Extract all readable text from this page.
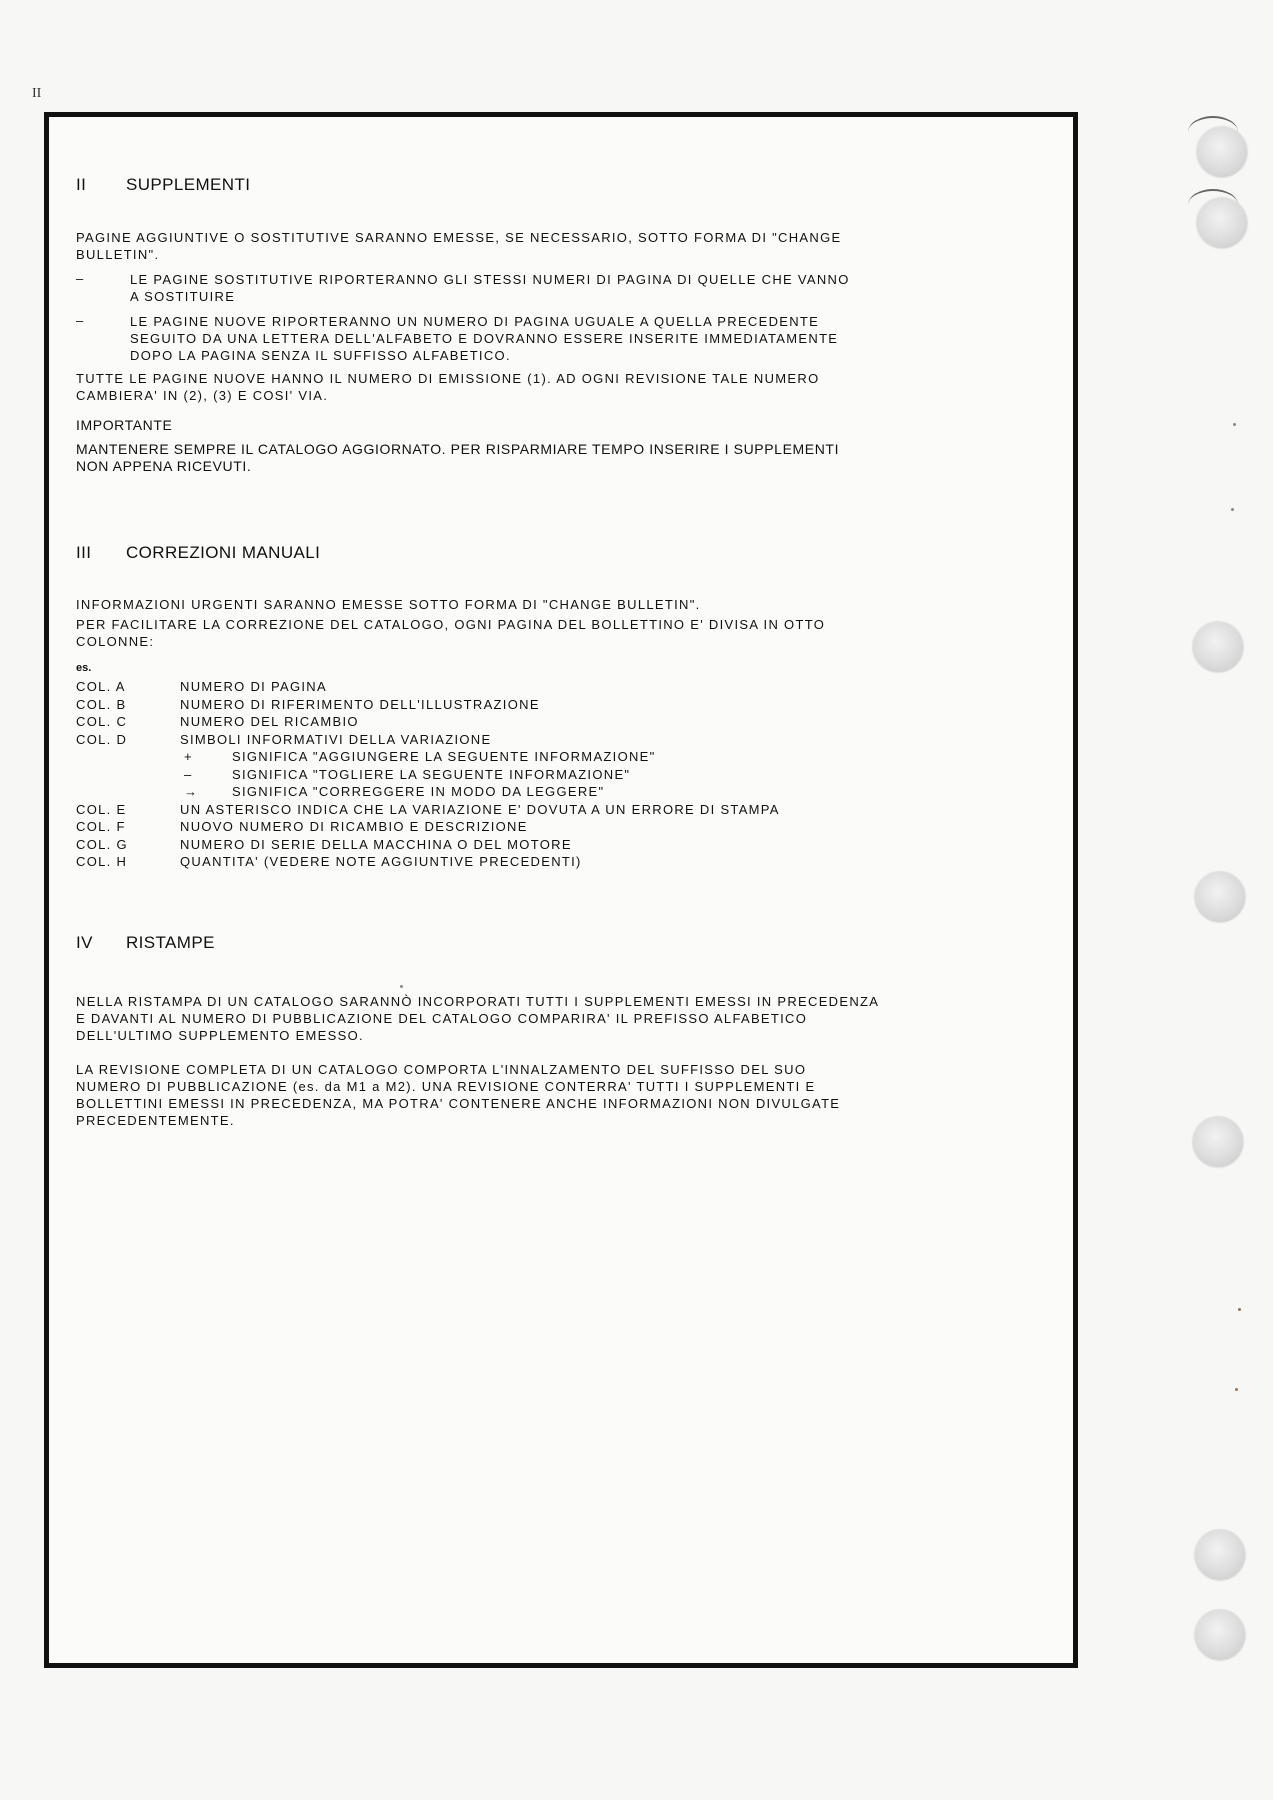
II
II	SUPPLEMENTI

PAGINE AGGIUNTIVE O SOSTITUTIVE SARANNO EMESSE, SE NECESSARIO, SOTTO FORMA DI "CHANGE
BULLETIN".

–	LE PAGINE SOSTITUTIVE RIPORTERANNO GLI STESSI NUMERI DI PAGINA DI QUELLE CHE VANNO
A SOSTITUIRE

–	LE PAGINE NUOVE RIPORTERANNO UN NUMERO DI PAGINA UGUALE A QUELLA PRECEDENTE
SEGUITO DA UNA LETTERA DELL'ALFABETO E DOVRANNO ESSERE INSERITE IMMEDIATAMENTE
DOPO LA PAGINA SENZA IL SUFFISSO ALFABETICO.

TUTTE LE PAGINE NUOVE HANNO IL NUMERO DI EMISSIONE (1). AD OGNI REVISIONE TALE NUMERO
CAMBIERA' IN (2), (3) E COSI' VIA.

IMPORTANTE

MANTENERE SEMPRE IL CATALOGO AGGIORNATO. PER RISPARMIARE TEMPO INSERIRE I SUPPLEMENTI
NON APPENA RICEVUTI.

III	CORREZIONI MANUALI

INFORMAZIONI URGENTI SARANNO EMESSE SOTTO FORMA DI "CHANGE BULLETIN".

PER FACILITARE LA CORREZIONE DEL CATALOGO, OGNI PAGINA DEL BOLLETTINO E' DIVISA IN OTTO
COLONNE:

es.

COL. A	NUMERO DI PAGINA
COL. B	NUMERO DI RIFERIMENTO DELL'ILLUSTRAZIONE
COL. C	NUMERO DEL RICAMBIO
COL. D	SIMBOLI INFORMATIVI DELLA VARIAZIONE
+	SIGNIFICA "AGGIUNGERE LA SEGUENTE INFORMAZIONE"
–	SIGNIFICA "TOGLIERE LA SEGUENTE INFORMAZIONE"
→	SIGNIFICA "CORREGGERE IN MODO DA LEGGERE"
COL. E	UN ASTERISCO INDICA CHE LA VARIAZIONE E' DOVUTA A UN ERRORE DI STAMPA
COL. F	NUOVO NUMERO DI RICAMBIO E DESCRIZIONE
COL. G	NUMERO DI SERIE DELLA MACCHINA O DEL MOTORE
COL. H	QUANTITA' (VEDERE NOTE AGGIUNTIVE PRECEDENTI)
IV	RISTAMPE

NELLA RISTAMPA DI UN CATALOGO SARANNÒ INCORPORATI TUTTI I SUPPLEMENTI EMESSI IN PRECEDENZA
E DAVANTI AL NUMERO DI PUBBLICAZIONE DEL CATALOGO COMPARIRA' IL PREFISSO ALFABETICO
DELL'ULTIMO SUPPLEMENTO EMESSO.

LA REVISIONE COMPLETA DI UN CATALOGO COMPORTA L'INNALZAMENTO DEL SUFFISSO DEL SUO
NUMERO DI PUBBLICAZIONE (es. da M1 a M2). UNA REVISIONE CONTERRA' TUTTI I SUPPLEMENTI E
BOLLETTINI EMESSI IN PRECEDENZA, MA POTRA' CONTENERE ANCHE INFORMAZIONI NON DIVULGATE
PRECEDENTEMENTE.
